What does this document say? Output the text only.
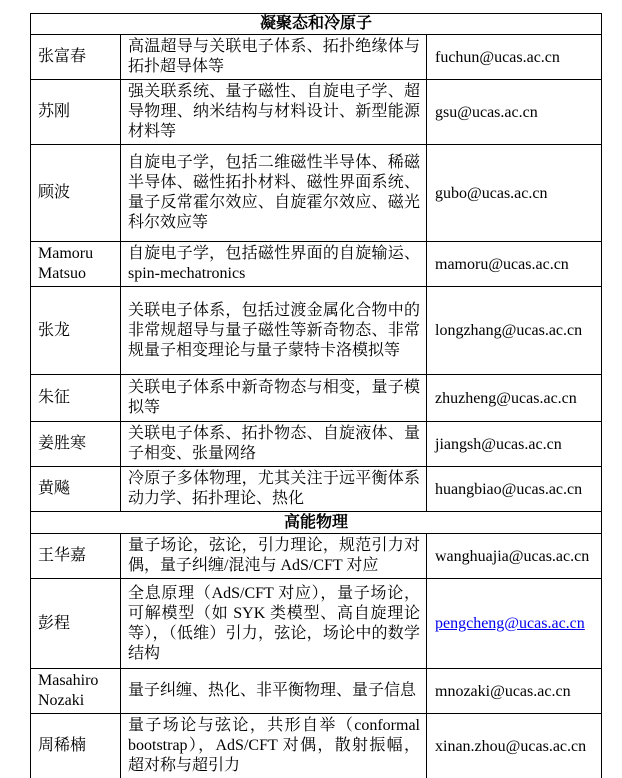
凝聚态和冷原子		
张富春	高温超导与关联电子体系、拓扑绝缘体与拓扑超导体等	fuchun@ucas.ac.cn
苏刚	强关联系统、量子磁性、自旋电子学、超导物理、纳米结构与材料设计、新型能源材料等	gsu@ucas.ac.cn
顾波	自旋电子学，包括二维磁性半导体、稀磁半导体、磁性拓扑材料、磁性界面系统、量子反常霍尔效应、自旋霍尔效应、磁光科尔效应等	gubo@ucas.ac.cn
Mamoru Matsuo	自旋电子学，包括磁性界面的自旋输运、spin-mechatronics	mamoru@ucas.ac.cn
张龙	关联电子体系，包括过渡金属化合物中的非常规超导与量子磁性等新奇物态、非常规量子相变理论与量子蒙特卡洛模拟等	longzhang@ucas.ac.cn
朱征	关联电子体系中新奇物态与相变，量子模拟等	zhuzheng@ucas.ac.cn
姜胜寒	关联电子体系、拓扑物态、自旋液体、量子相变、张量网络	jiangsh@ucas.ac.cn
黄飚	冷原子多体物理，尤其关注于远平衡体系动力学、拓扑理论、热化	huangbiao@ucas.ac.cn
高能物理		
王华嘉	量子场论，弦论，引力理论，规范引力对偶，量子纠缠/混沌与 AdS/CFT 对应	wanghuajia@ucas.ac.cn
彭程	全息原理（AdS/CFT 对应），量子场论，可解模型（如 SYK 类模型、高自旋理论等），（低维）引力，弦论，场论中的数学结构	pengcheng@ucas.ac.cn
Masahiro Nozaki	量子纠缠、热化、非平衡物理、量子信息	mnozaki@ucas.ac.cn
周稀楠	量子场论与弦论，共形自举（conformal bootstrap），AdS/CFT 对偶，散射振幅，超对称与超引力	xinan.zhou@ucas.ac.cn
